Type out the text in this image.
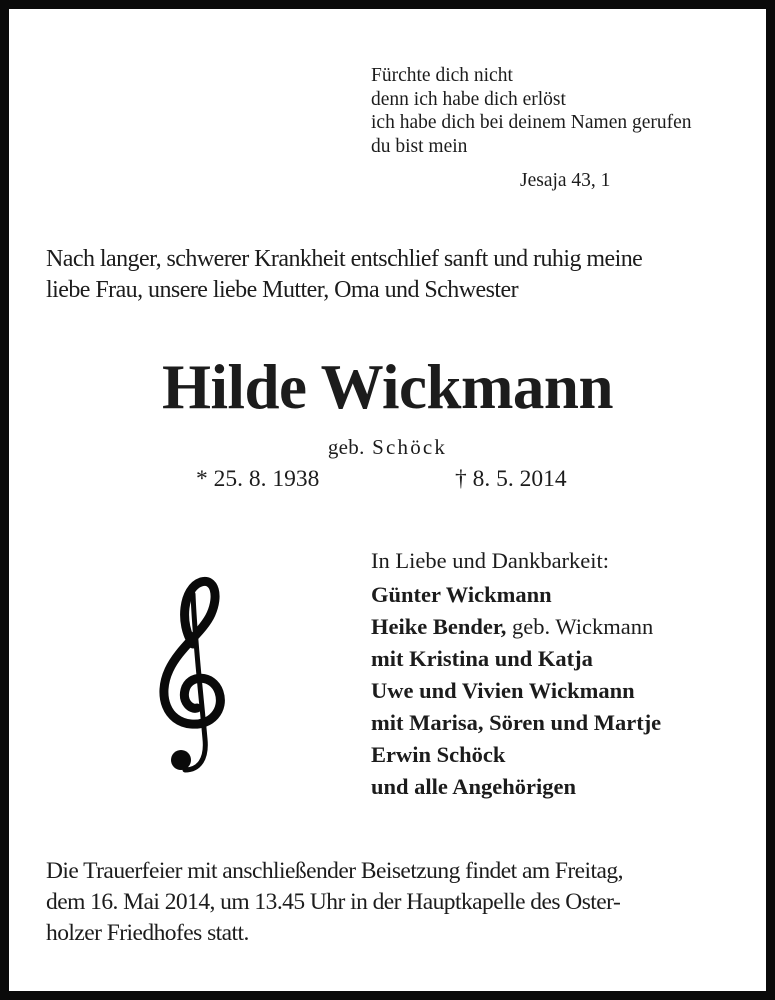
Fürchte dich nicht
denn ich habe dich erlöst
ich habe dich bei deinem Namen gerufen
du bist mein
Jesaja 43, 1
Nach langer, schwerer Krankheit entschlief sanft und ruhig meine
liebe Frau, unsere liebe Mutter, Oma und Schwester
Hilde Wickmann
geb. Schöck
* 25. 8. 1938	† 8. 5. 2014
In Liebe und Dankbarkeit:
Günter Wickmann
Heike Bender, geb. Wickmann
mit Kristina und Katja
Uwe und Vivien Wickmann
mit Marisa, Sören und Martje
Erwin Schöck
und alle Angehörigen
Die Trauerfeier mit anschließender Beisetzung findet am Freitag,
dem 16. Mai 2014, um 13.45 Uhr in der Hauptkapelle des Oster-
holzer Friedhofes statt.
